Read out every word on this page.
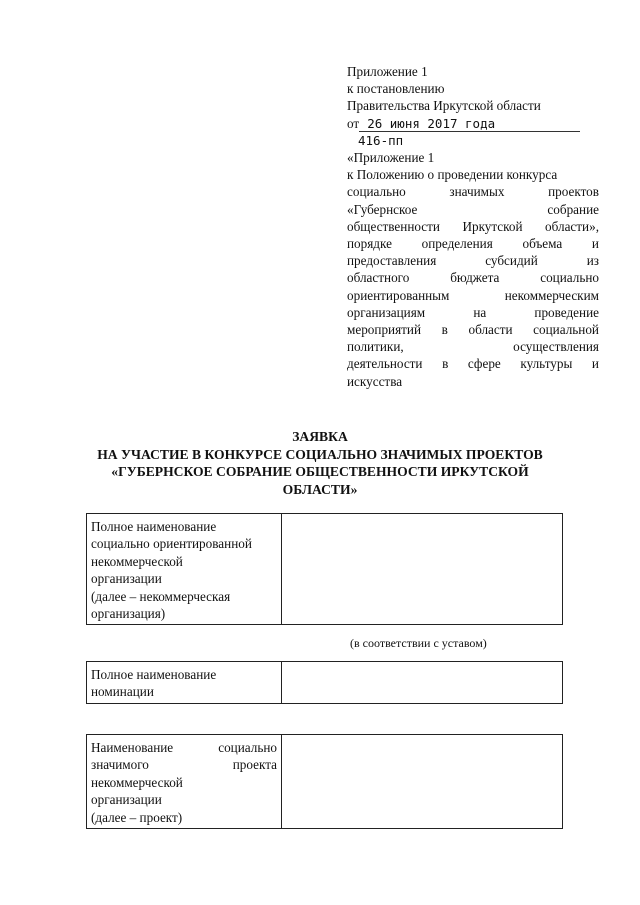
Приложение 1
к постановлению
Правительства Иркутской области
от 26 июня 2017 года
416-пп
«Приложение 1
к Положению о проведении конкурса
социально значимых проектов
«Губернское собрание
общественности Иркутской области»,
порядке определения объема и
предоставления субсидий из
областного бюджета социально
ориентированным некоммерческим
организациям на проведение
мероприятий в области социальной
политики, осуществления
деятельности в сфере культуры и
искусства
ЗАЯВКА
НА УЧАСТИЕ В КОНКУРСЕ СОЦИАЛЬНО ЗНАЧИМЫХ ПРОЕКТОВ
«ГУБЕРНСКОЕ СОБРАНИЕ ОБЩЕСТВЕННОСТИ ИРКУТСКОЙ
ОБЛАСТИ»
Полное наименование
социально ориентированной
некоммерческой
организации
(далее – некоммерческая
организация)

(в соответствии с уставом)
Полное наименование
номинации

Наименование социально
значимого проекта
некоммерческой
организации
(далее – проект)
